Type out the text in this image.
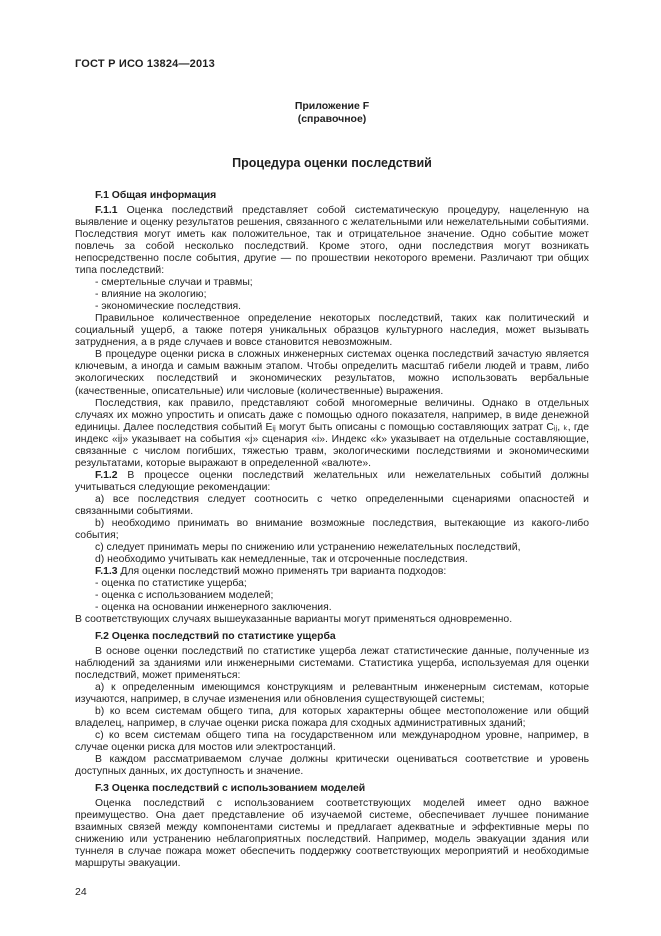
ГОСТ Р ИСО 13824—2013
Приложение F
(справочное)
Процедура оценки последствий
F.1 Общая информация
F.1.1 Оценка последствий представляет собой систематическую процедуру, нацеленную на выявление и оценку результатов решения, связанного с желательными или нежелательными событиями. Последствия могут иметь как положительное, так и отрицательное значение. Одно событие может повлечь за собой несколько последствий. Кроме этого, одни последствия могут возникать непосредственно после события, другие — по прошествии некоторого времени. Различают три общих типа последствий:
- смертельные случаи и травмы;
- влияние на экологию;
- экономические последствия.
Правильное количественное определение некоторых последствий, таких как политический и социальный ущерб, а также потеря уникальных образцов культурного наследия, может вызывать затруднения, а в ряде случаев и вовсе становится невозможным.
В процедуре оценки риска в сложных инженерных системах оценка последствий зачастую является ключевым, а иногда и самым важным этапом. Чтобы определить масштаб гибели людей и травм, либо экологических последствий и экономических результатов, можно использовать вербальные (качественные, описательные) или числовые (количественные) выражения.
Последствия, как правило, представляют собой многомерные величины. Однако в отдельных случаях их можно упростить и описать даже с помощью одного показателя, например, в виде денежной единицы. Далее последствия событий Eᵢⱼ могут быть описаны с помощью составляющих затрат Cᵢⱼ, ₖ, где индекс «ij» указывает на события «j» сценария «i». Индекс «k» указывает на отдельные составляющие, связанные с числом погибших, тяжестью травм, экологическими последствиями и экономическими результатами, которые выражают в определенной «валюте».
F.1.2 В процессе оценки последствий желательных или нежелательных событий должны учитываться следующие рекомендации:
a) все последствия следует соотносить с четко определенными сценариями опасностей и связанными событиями.
b) необходимо принимать во внимание возможные последствия, вытекающие из какого-либо события;
c) следует принимать меры по снижению или устранению нежелательных последствий,
d) необходимо учитывать как немедленные, так и отсроченные последствия.
F.1.3 Для оценки последствий можно применять три варианта подходов:
- оценка по статистике ущерба;
- оценка с использованием моделей;
- оценка на основании инженерного заключения.
В соответствующих случаях вышеуказанные варианты могут применяться одновременно.
F.2 Оценка последствий по статистике ущерба
В основе оценки последствий по статистике ущерба лежат статистические данные, полученные из наблюдений за зданиями или инженерными системами. Статистика ущерба, используемая для оценки последствий, может применяться:
a) к определенным имеющимся конструкциям и релевантным инженерным системам, которые изучаются, например, в случае изменения или обновления существующей системы;
b) ко всем системам общего типа, для которых характерны общее местоположение или общий владелец, например, в случае оценки риска пожара для сходных административных зданий;
c) ко всем системам общего типа на государственном или международном уровне, например, в случае оценки риска для мостов или электростанций.
В каждом рассматриваемом случае должны критически оцениваться соответствие и уровень доступных данных, их доступность и значение.
F.3 Оценка последствий с использованием моделей
Оценка последствий с использованием соответствующих моделей имеет одно важное преимущество. Она дает представление об изучаемой системе, обеспечивает лучшее понимание взаимных связей между компонентами системы и предлагает адекватные и эффективные меры по снижению или устранению неблагоприятных последствий. Например, модель эвакуации здания или туннеля в случае пожара может обеспечить поддержку соответствующих мероприятий и необходимые маршруты эвакуации.
24
